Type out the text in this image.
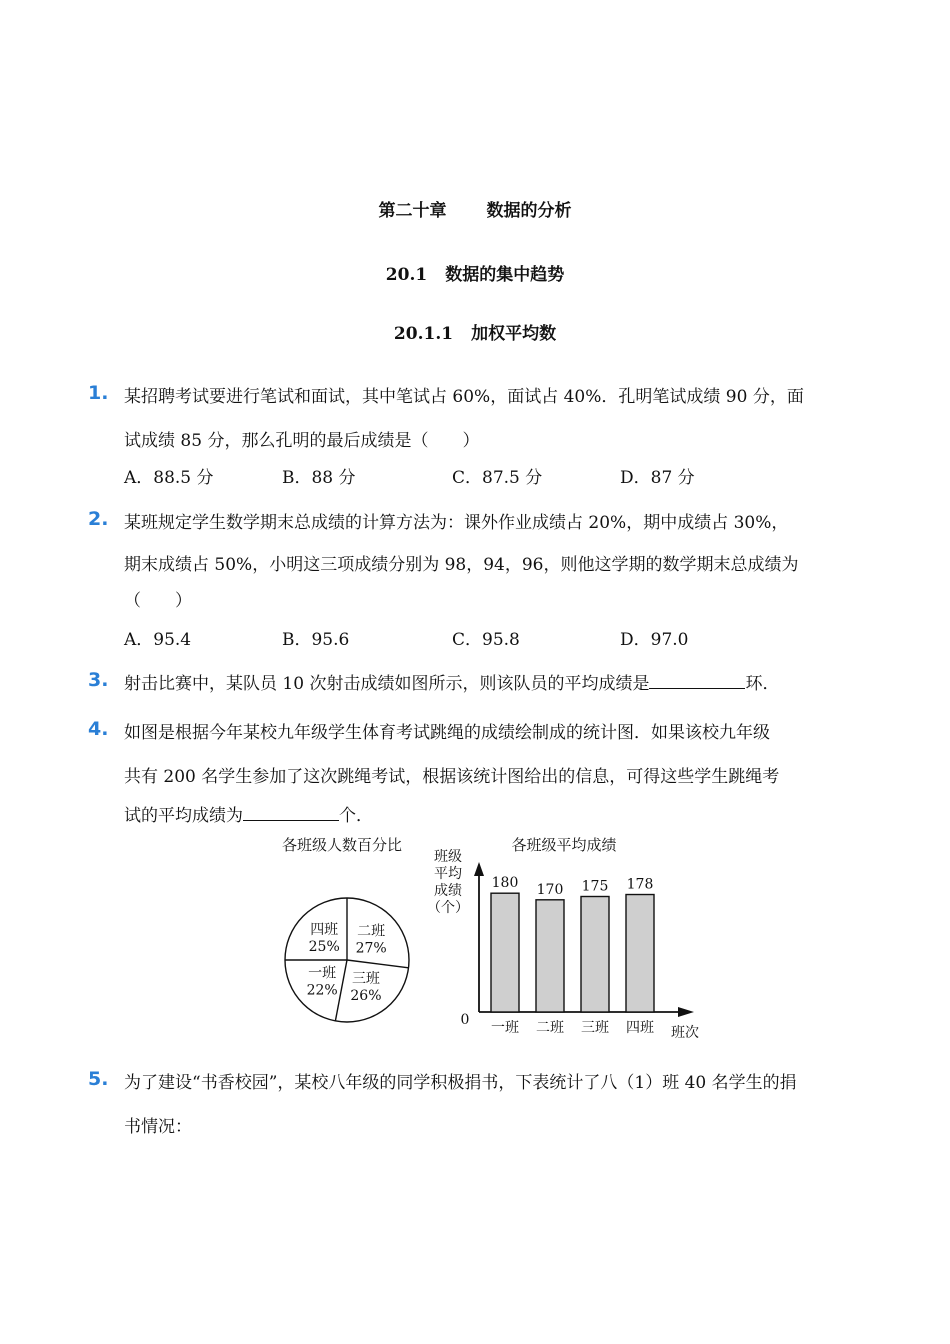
第二十章 数据的分析
20.1 数据的集中趋势
20.1.1 加权平均数
1. 某招聘考试要进行笔试和面试，其中笔试占 60%，面试占 40%．孔明笔试成绩 90 分，面
试成绩 85 分，那么孔明的最后成绩是（　　）
A．88.5 分	B．88 分	C．87.5 分	D．87 分
2. 某班规定学生数学期末总成绩的计算方法为：课外作业成绩占 20%，期中成绩占 30%，
期末成绩占 50%，小明这三项成绩分别为 98，94，96，则他这学期的数学期末总成绩为
（　　）
A．95.4	B．95.6	C．95.8	D．97.0
3. 射击比赛中，某队员 10 次射击成绩如图所示，则该队员的平均成绩是	环．
4. 如图是根据今年某校九年级学生体育考试跳绳的成绩绘制成的统计图．如果该校九年级
共有 200 名学生参加了这次跳绳考试，根据该统计图给出的信息，可得这些学生跳绳考
试的平均成绩为	个．
各班级人数百分比
二班
27%
三班
26%
一班
22%
四班
25%
各班级平均成绩
班级
平均
成绩
（个）
0
班次
180
一班
170
二班
175
三班
178
四班
5. 为了建设“书香校园”，某校八年级的同学积极捐书，下表统计了八（1）班 40 名学生的捐
书情况：
